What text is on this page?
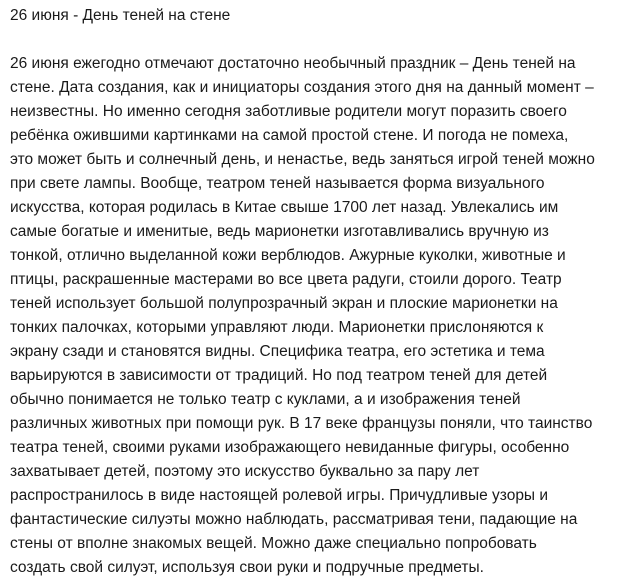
26 июня - День теней на стене
26 июня ежегодно отмечают достаточно необычный праздник – День теней на
стене. Дата создания, как и инициаторы создания этого дня на данный момент –
неизвестны. Но именно сегодня заботливые родители могут поразить своего
ребёнка ожившими картинками на самой простой стене. И погода не помеха,
это может быть и солнечный день, и ненастье, ведь заняться игрой теней можно
при свете лампы. Вообще, театром теней называется форма визуального
искусства, которая родилась в Китае свыше 1700 лет назад. Увлекались им
самые богатые и именитые, ведь марионетки изготавливались вручную из
тонкой, отлично выделанной кожи верблюдов. Ажурные куколки, животные и
птицы, раскрашенные мастерами во все цвета радуги, стоили дорого. Театр
теней использует большой полупрозрачный экран и плоские марионетки на
тонких палочках, которыми управляют люди. Марионетки прислоняются к
экрану сзади и становятся видны. Специфика театра, его эстетика и тема
варьируются в зависимости от традиций. Но под театром теней для детей
обычно понимается не только театр с куклами, а и изображения теней
различных животных при помощи рук. В 17 веке французы поняли, что таинство
театра теней, своими руками изображающего невиданные фигуры, особенно
захватывает детей, поэтому это искусство буквально за пару лет
распространилось в виде настоящей ролевой игры. Причудливые узоры и
фантастические силуэты можно наблюдать, рассматривая тени, падающие на
стены от вполне знакомых вещей. Можно даже специально попробовать
создать свой силуэт, используя свои руки и подручные предметы.
